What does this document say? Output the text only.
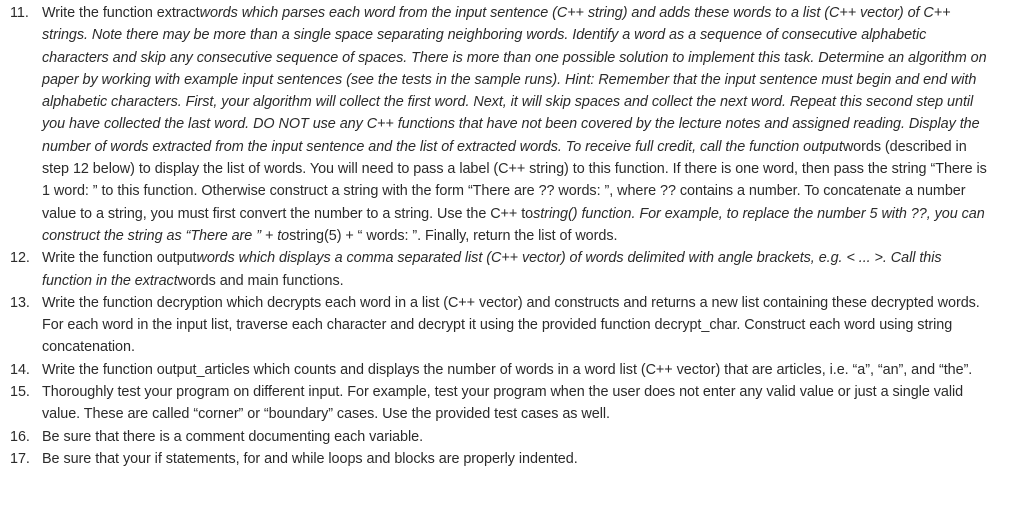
11. Write the function extractwords which parses each word from the input sentence (C++ string) and adds these words to a list (C++ vector) of C++ strings. Note there may be more than a single space separating neighboring words. Identify a word as a sequence of consecutive alphabetic characters and skip any consecutive sequence of spaces. There is more than one possible solution to implement this task. Determine an algorithm on paper by working with example input sentences (see the tests in the sample runs). Hint: Remember that the input sentence must begin and end with alphabetic characters. First, your algorithm will collect the first word. Next, it will skip spaces and collect the next word. Repeat this second step until you have collected the last word. DO NOT use any C++ functions that have not been covered by the lecture notes and assigned reading. Display the number of words extracted from the input sentence and the list of extracted words. To receive full credit, call the function outputwords (described in step 12 below) to display the list of words. You will need to pass a label (C++ string) to this function. If there is one word, then pass the string “There is 1 word: ” to this function. Otherwise construct a string with the form “There are ?? words: ”, where ?? contains a number. To concatenate a number value to a string, you must first convert the number to a string. Use the C++ tostring() function. For example, to replace the number 5 with ??, you can construct the string as “There are ” + tostring(5) + “ words: ”. Finally, return the list of words.
12. Write the function outputwords which displays a comma separated list (C++ vector) of words delimited with angle brackets, e.g. < ... >. Call this function in the extractwords and main functions.
13. Write the function decryption which decrypts each word in a list (C++ vector) and constructs and returns a new list containing these decrypted words. For each word in the input list, traverse each character and decrypt it using the provided function decrypt_char. Construct each word using string concatenation.
14. Write the function output_articles which counts and displays the number of words in a word list (C++ vector) that are articles, i.e. “a”, “an”, and “the”.
15. Thoroughly test your program on different input. For example, test your program when the user does not enter any valid value or just a single valid value. These are called “corner” or “boundary” cases. Use the provided test cases as well.
16. Be sure that there is a comment documenting each variable.
17. Be sure that your if statements, for and while loops and blocks are properly indented.
